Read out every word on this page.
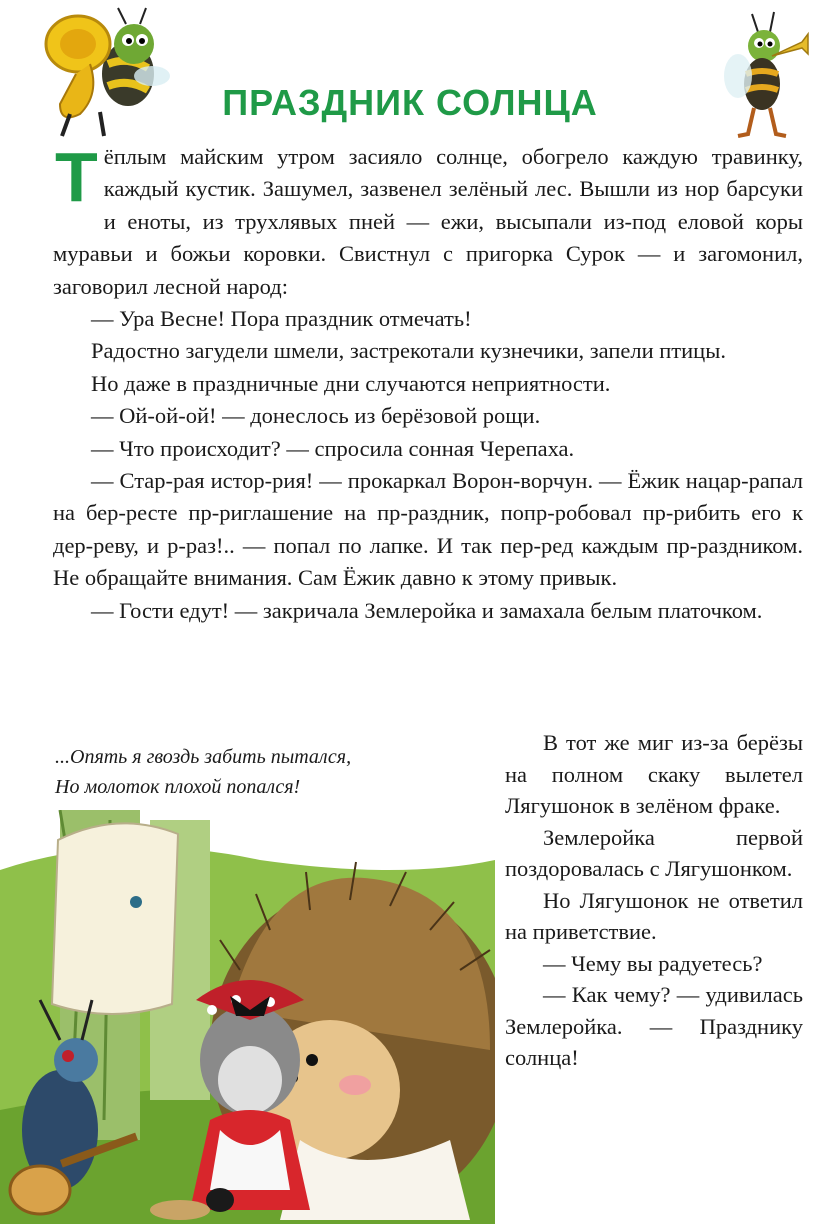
ПРАЗДНИК СОЛНЦА

Тёплым майским утром засияло солнце, обогрело каждую травинку, каждый кустик. Зашумел, зазвенел зелёный лес. Вышли из нор барсуки и еноты, из трухлявых пней — ежи, высыпали из-под еловой коры муравьи и божьи коровки. Свистнул с пригорка Сурок — и загомонил, заговорил лесной народ:

— Ура Весне! Пора праздник отмечать!

Радостно загудели шмели, застрекотали кузнечики, запели птицы.

Но даже в праздничные дни случаются неприятности.

— Ой-ой-ой! — донеслось из берёзовой рощи.

— Что происходит? — спросила сонная Черепаха.

— Стар-рая истор-рия! — прокаркал Ворон-ворчун. — Ёжик нацар-рапал на бер-ресте пр-риглашение на пр-раздник, попр-робовал пр-рибить его к дер-реву, и р-раз!.. — попал по лапке. И так пер-ред каждым пр-раздником. Не обращайте внимания. Сам Ёжик давно к этому привык.

— Гости едут! — закричала Землеройка и замахала белым платочком.

...Опять я гвоздь забить пытался,
Но молоток плохой попался!

В тот же миг из-за берёзы на полном скаку вылетел Лягушонок в зелёном фраке.

Землеройка первой поздоровалась с Лягушонком.

Но Лягушонок не ответил на приветствие.

— Чему вы радуетесь?

— Как чему? — удивилась Землеройка. — Празднику солнца!
